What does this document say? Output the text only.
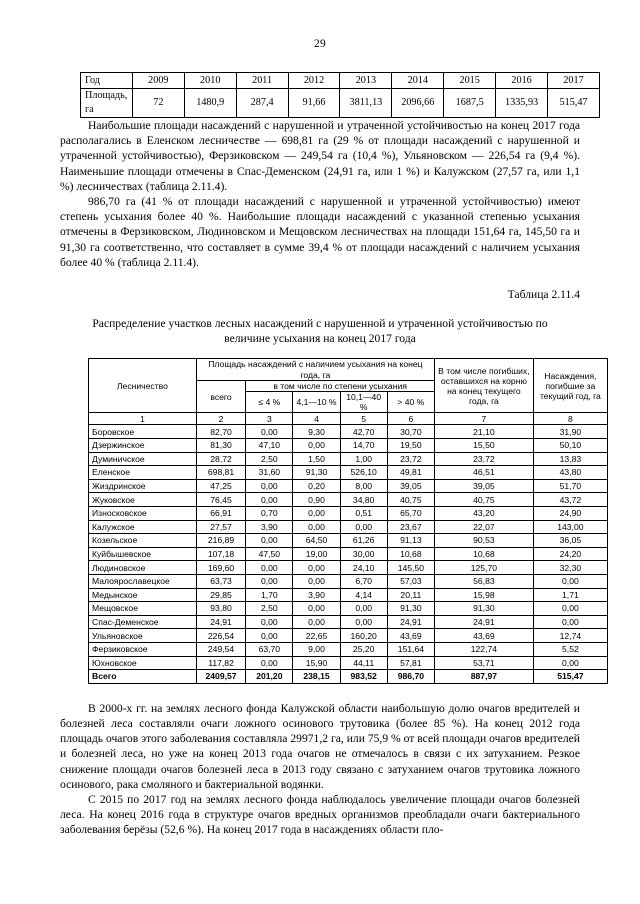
29
Год	2009	2010	2011	2012	2013	2014	2015	2016	2017
Площадь, га	72	1480,9	287,4	91,66	3811,13	2096,66	1687,5	1335,93	515,47

Наибольшие площади насаждений с нарушенной и утраченной устойчивостью на конец 2017 года располагались в Еленском лесничестве — 698,81 га (29 % от площади насаждений с нарушенной и утраченной устойчивостью), Ферзиковском — 249,54 га (10,4 %), Ульяновском — 226,54 га (9,4 %). Наименьшие площади отмечены в Спас-Деменском (24,91 га, или 1 %) и Калужском (27,57 га, или 1,1 %) лесничествах (таблица 2.11.4).

986,70 га (41 % от площади насаждений с нарушенной и утраченной устойчивостью) имеют степень усыхания более 40 %. Наибольшие площади насаждений с указанной степенью усыхания отмечены в Ферзиковском, Людиновском и Мещовском лесничествах на площади 151,64 га, 145,50 га и 91,30 га соответственно, что составляет в сумме 39,4 % от площади насаждений с наличием усыхания более 40 % (таблица 2.11.4).

Таблица 2.11.4
Распределение участков лесных насаждений с нарушенной и утраченной устойчивостью по величине усыхания на конец 2017 года
Лесничество	Площадь насаждений с наличием усыхания на конец года, га					В том числе погибших, оставшихся на корню на конец текущего года, га	Насаждения, погибшие за текущий год, га
	всего	в том числе по степени усыхания					
		≤ 4 %	4,1—10 %	10,1—40 %	> 40 %		
1	2	3	4	5	6	7	8
Боровское	82,70	0,00	9,30	42,70	30,70	21,10	31,90
Дзержинское	81,30	47,10	0,00	14,70	19,50	15,50	50,10
Думиничское	28,72	2,50	1,50	1,00	23,72	23,72	13,83
Еленское	698,81	31,60	91,30	526,10	49,81	46,51	43,80
Жиздринское	47,25	0,00	0,20	8,00	39,05	39,05	51,70
Жуковское	76,45	0,00	0,90	34,80	40,75	40,75	43,72
Износковское	66,91	0,70	0,00	0,51	65,70	43,20	24,90
Калужское	27,57	3,90	0,00	0,00	23,67	22,07	143,00
Козельское	216,89	0,00	64,50	61,26	91,13	90,53	36,05
Куйбышевское	107,18	47,50	19,00	30,00	10,68	10,68	24,20
Людиновское	169,60	0,00	0,00	24,10	145,50	125,70	32,30
Малоярославецкое	63,73	0,00	0,00	6,70	57,03	56,83	0,00
Медынское	29,85	1,70	3,90	4,14	20,11	15,98	1,71
Мещовское	93,80	2,50	0,00	0,00	91,30	91,30	0,00
Спас-Деменское	24,91	0,00	0,00	0,00	24,91	24,91	0,00
Ульяновское	226,54	0,00	22,65	160,20	43,69	43,69	12,74
Ферзиковское	249,54	63,70	9,00	25,20	151,64	122,74	5,52
Юхновское	117,82	0,00	15,90	44,11	57,81	53,71	0,00
Всего	2409,57	201,20	238,15	983,52	986,70	887,97	515,47

В 2000-х гг. на землях лесного фонда Калужской области наибольшую долю очагов вредителей и болезней леса составляли очаги ложного осинового трутовика (более 85 %). На конец 2012 года площадь очагов этого заболевания составляла 29971,2 га, или 75,9 % от всей площади очагов вредителей и болезней леса, но уже на конец 2013 года очагов не отмечалось в связи с их затуханием. Резкое снижение площади очагов болезней леса в 2013 году связано с затуханием очагов трутовика ложного осинового, рака смоляного и бактериальной водянки.

С 2015 по 2017 год на землях лесного фонда наблюдалось увеличение площади очагов болезней леса. На конец 2016 года в структуре очагов вредных организмов преобладали очаги бактериального заболевания берёзы (52,6 %). На конец 2017 года в насаждениях области пло-
